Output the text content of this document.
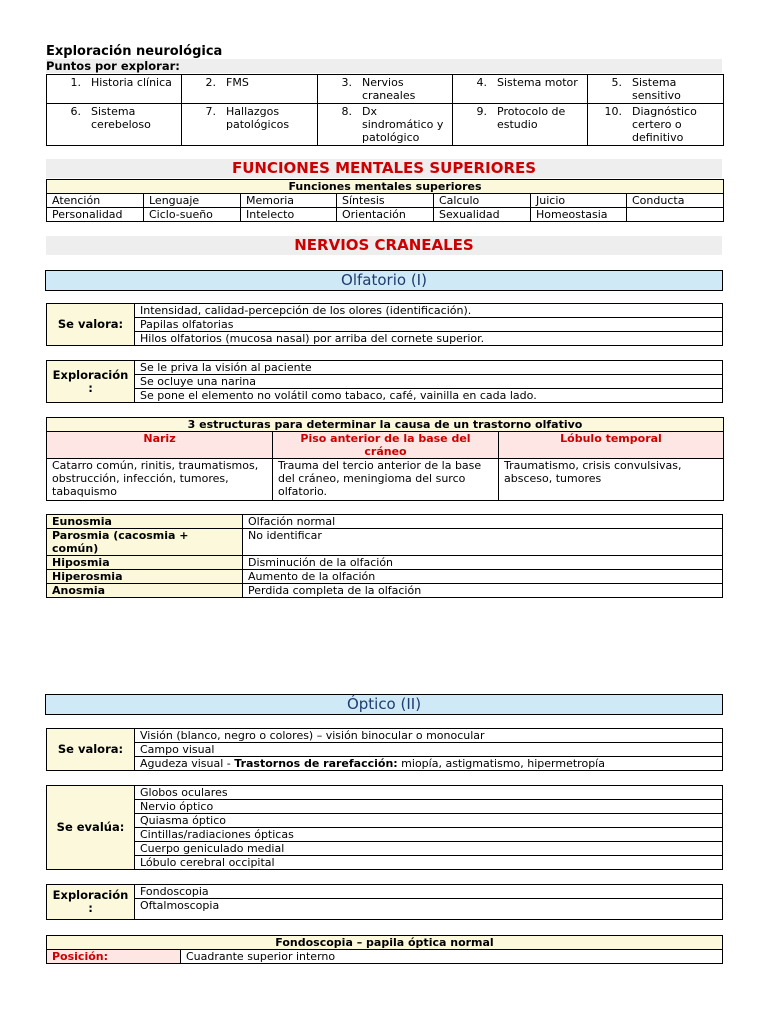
Exploración neurológica
Puntos por explorar:
1. Historia clínica	2. FMS	3. Nervios craneales	4. Sistema motor	5. Sistema sensitivo

6. Sistema cerebeloso	7. Hallazgos patológicos	8. Dx sindromático y patológico	9. Protocolo de estudio	10. Diagnóstico certero o definitivo
FUNCIONES MENTALES SUPERIORES
Funciones mentales superiores						
Atención	Lenguaje	Memoria	Síntesis	Calculo	Juicio	Conducta
Personalidad	Ciclo-sueño	Intelecto	Orientación	Sexualidad	Homeostasia	
NERVIOS CRANEALES
Olfatorio (I)
Se valora:	Intensidad, calidad-percepción de los olores (identificación).
Papilas olfatorias
Hilos olfatorios (mucosa nasal) por arriba del cornete superior.
Exploración :	Se le priva la visión al paciente
Se ocluye una narina
Se pone el elemento no volátil como tabaco, café, vainilla en cada lado.
3 estructuras para determinar la causa de un trastorno olfativo		
Nariz	Piso anterior de la base del cráneo	Lóbulo temporal
Catarro común, rinitis, traumatismos, obstrucción, infección, tumores, tabaquismo	Trauma del tercio anterior de la base del cráneo, meningioma del surco olfatorio.	Traumatismo, crisis convulsivas, absceso, tumores
Eunosmia	Olfación normal
Parosmia (cacosmia + común)	No identificar
Hiposmia	Disminución de la olfación
Hiperosmia	Aumento de la olfación
Anosmia	Perdida completa de la olfación
Óptico (II)
Se valora:	Visión (blanco, negro o colores) – visión binocular o monocular
Campo visual
Agudeza visual - Trastornos de rarefacción: miopía, astigmatismo, hipermetropía
Se evalúa:	Globos oculares
Nervio óptico
Quiasma óptico
Cintillas/radiaciones ópticas
Cuerpo geniculado medial
Lóbulo cerebral occipital
Exploración :	Fondoscopia
Oftalmoscopia
Fondoscopia – papila óptica normal
Posición:	Cuadrante superior interno
